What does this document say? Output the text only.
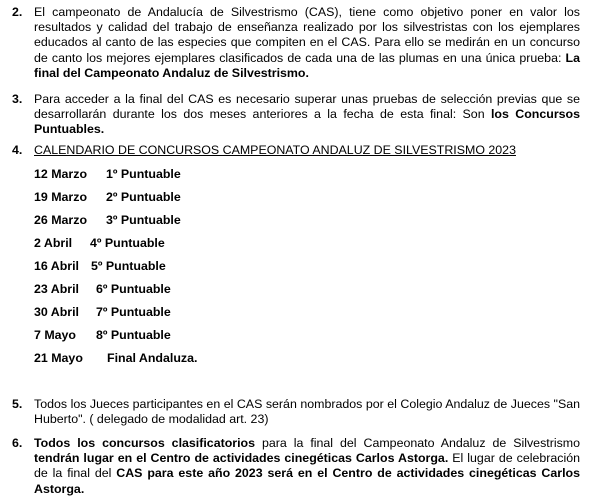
2. El campeonato de Andalucía de Silvestrismo (CAS), tiene como objetivo poner en valor los resultados y calidad del trabajo de enseñanza realizado por los silvestristas con los ejemplares educados al canto de las especies que compiten en el CAS. Para ello se medirán en un concurso de canto los mejores ejemplares clasificados de cada una de las plumas en una única prueba: La final del Campeonato Andaluz de Silvestrismo.
3. Para acceder a la final del CAS es necesario superar unas pruebas de selección previas que se desarrollarán durante los dos meses anteriores a la fecha de esta final: Son los Concursos Puntuables.
4. CALENDARIO DE CONCURSOS CAMPEONATO ANDALUZ DE SILVESTRISMO 2023
12 Marzo 1º Puntuable
19 Marzo 2º Puntuable
26 Marzo 3º Puntuable
2 Abril 4º Puntuable
16 Abril 5º Puntuable
23 Abril 6º Puntuable
30 Abril 7º Puntuable
7 Mayo 8º Puntuable
21 Mayo Final Andaluza.
5. Todos los Jueces participantes en el CAS serán nombrados por el Colegio Andaluz de Jueces "San Huberto". ( delegado de modalidad art. 23)
6. Todos los concursos clasificatorios para la final del Campeonato Andaluz de Silvestrismo tendrán lugar en el Centro de actividades cinegéticas Carlos Astorga. El lugar de celebración de la final del CAS para este año 2023 será en el Centro de actividades cinegéticas Carlos Astorga.
